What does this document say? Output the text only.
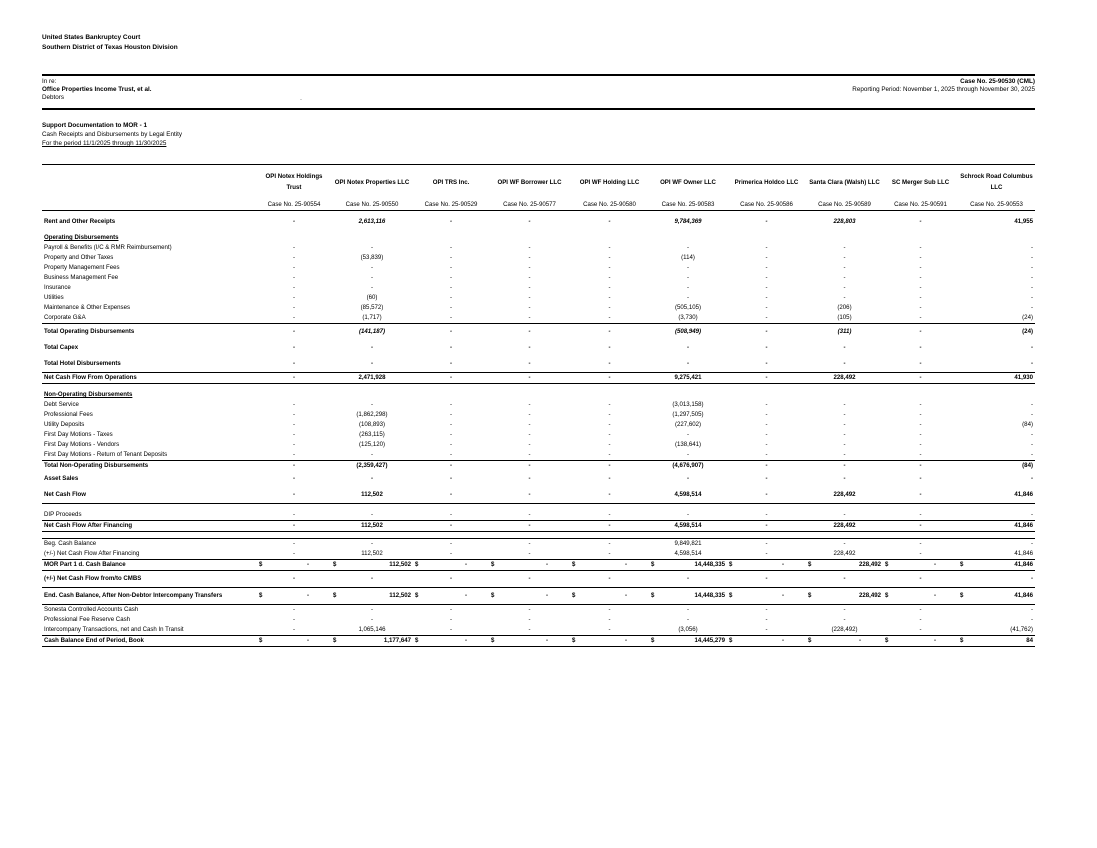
United States Bankruptcy Court
Southern District of Texas Houston Division
In re:
Office Properties Income Trust, et al.
Debtors
Case No. 25-90530 (CML)
Reporting Period: November 1, 2025 through November 30, 2025
·
Support Documentation to MOR - 1
Cash Receipts and Disbursements by Legal Entity
For the period 11/1/2025 through 11/30/2025
	OPI Notex Holdings Trust	OPI Notex Properties LLC	OPI TRS Inc.	OPI WF Borrower LLC	OPI WF Holding LLC	OPI WF Owner LLC	Primerica Holdco LLC	Santa Clara (Walsh) LLC	SC Merger Sub LLC	Schrock Road Columbus LLC
	Case No. 25-90554	Case No. 25-90550	Case No. 25-90529	Case No. 25-90577	Case No. 25-90580	Case No. 25-90583	Case No. 25-90586	Case No. 25-90589	Case No. 25-90591	Case No. 25-90553

Rent and Other Receipts	-	2,613,116	-	-	-	9,784,369	-	228,803	-	41,955

Operating Disbursements										
Payroll & Benefits (I/C & RMR Reimbursement)	-	-	-	-	-	-	-	-	-	-
Property and Other Taxes	-	(53,839)	-	-	-	(114)	-	-	-	-
Property Management Fees	-	-	-	-	-	-	-	-	-	-
Business Management Fee	-	-	-	-	-	-	-	-	-	-
Insurance	-	-	-	-	-	-	-	-	-	-
Utilities	-	(60)	-	-	-	-	-	-	-	-
Maintenance & Other Expenses	-	(85,572)	-	-	-	(505,105)	-	(206)	-	-
Corporate G&A	-	(1,717)	-	-	-	(3,730)	-	(105)	-	(24)
Total Operating Disbursements	-	(141,187)	-	-	-	(508,949)	-	(311)	-	(24)
Total Capex	-	-	-	-	-	-	-	-	-	-
Total Hotel Disbursements	-	-	-	-	-	-	-	-	-	-
Net Cash Flow From Operations	-	2,471,928	-	-	-	9,275,421	-	228,492	-	41,930

Non-Operating Disbursements										
Debt Service	-	-	-	-	-	(3,013,158)	-	-	-	-
Professional Fees	-	(1,862,298)	-	-	-	(1,297,505)	-	-	-	-
Utility Deposits	-	(108,893)	-	-	-	(227,602)	-	-	-	(84)
First Day Motions - Taxes	-	(263,115)	-	-	-	-	-	-	-	-
First Day Motions - Vendors	-	(125,120)	-	-	-	(138,641)	-	-	-	-
First Day Motions - Return of Tenant Deposits	-	-	-	-	-	-	-	-	-	-
Total Non-Operating Disbursements	-	(2,359,427)	-	-	-	(4,676,907)	-	-	-	(84)
Asset Sales	-	-	-	-	-	-	-	-	-	-
Net Cash Flow	-	112,502	-	-	-	4,598,514	-	228,492	-	41,846

DIP Proceeds	-	-	-	-	-	-	-	-	-	-
Net Cash Flow After Financing	-	112,502	-	-	-	4,598,514	-	228,492	-	41,846

Beg. Cash Balance	-	-	-	-	-	9,849,821	-	-	-	-
(+/-) Net Cash Flow After Financing	-	112,502	-	-	-	4,598,514	-	228,492	-	41,846
MOR Part 1 d. Cash Balance	$ -	$ 112,502	$ -	$ -	$ -	$ 14,448,335	$ -	$ 228,492	$ -	$ 41,846

(+/-) Net Cash Flow from/to CMBS	-	-	-	-	-	-	-	-	-	-
End. Cash Balance, After Non-Debtor Intercompany Transfers	$ -	$ 112,502	$ -	$ -	$ -	$ 14,448,335	$ -	$ 228,492	$ -	$ 41,846

Sonesta Controlled Accounts Cash	-	-	-	-	-	-	-	-	-	-
Professional Fee Reserve Cash	-	-	-	-	-	-	-	-	-	-
Intercompany Transactions, net and Cash In Transit	-	1,065,146	-	-	-	(3,056)	-	(228,492)	-	(41,762)
Cash Balance End of Period, Book	$ -	$ 1,177,647	$ -	$ -	$ -	$ 14,445,279	$ -	$ -	$ -	$ 84
